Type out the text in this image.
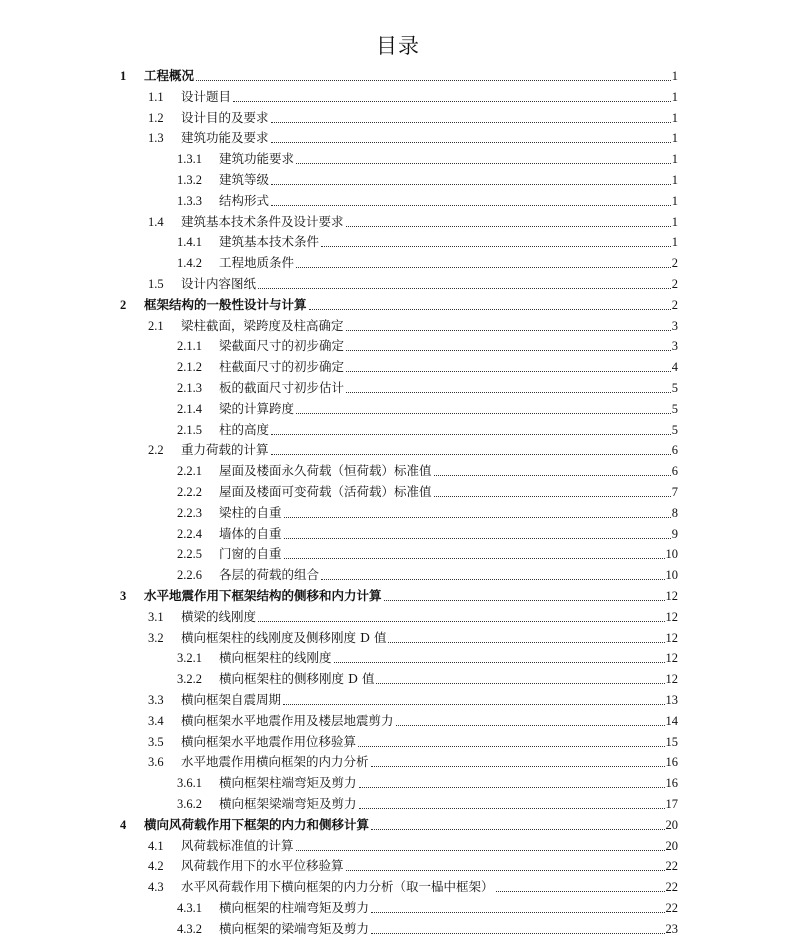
目录
1	工程概况	1
1.1	设计题目	1
1.2	设计目的及要求	1
1.3	建筑功能及要求	1
1.3.1	建筑功能要求	1
1.3.2	建筑等级	1
1.3.3	结构形式	1
1.4	建筑基本技术条件及设计要求	1
1.4.1	建筑基本技术条件	1
1.4.2	工程地质条件	2
1.5	设计内容图纸	2
2	框架结构的一般性设计与计算	2
2.1	梁柱截面，梁跨度及柱高确定	3
2.1.1	梁截面尺寸的初步确定	3
2.1.2	柱截面尺寸的初步确定	4
2.1.3	板的截面尺寸初步估计	5
2.1.4	梁的计算跨度	5
2.1.5	柱的高度	5
2.2	重力荷载的计算	6
2.2.1	屋面及楼面永久荷载（恒荷载）标准值	6
2.2.2	屋面及楼面可变荷载（活荷载）标准值	7
2.2.3	梁柱的自重	8
2.2.4	墙体的自重	9
2.2.5	门窗的自重	10
2.2.6	各层的荷载的组合	10
3	水平地震作用下框架结构的侧移和内力计算	12
3.1	横梁的线刚度	12
3.2	横向框架柱的线刚度及侧移刚度 D 值	12
3.2.1	横向框架柱的线刚度	12
3.2.2	横向框架柱的侧移刚度 D 值	12
3.3	横向框架自震周期	13
3.4	横向框架水平地震作用及楼层地震剪力	14
3.5	横向框架水平地震作用位移验算	15
3.6	水平地震作用横向框架的内力分析	16
3.6.1	横向框架柱端弯矩及剪力	16
3.6.2	横向框架梁端弯矩及剪力	17
4	横向风荷载作用下框架的内力和侧移计算	20
4.1	风荷载标准值的计算	20
4.2	风荷载作用下的水平位移验算	22
4.3	水平风荷载作用下横向框架的内力分析（取一榀中框架）	22
4.3.1	横向框架的柱端弯矩及剪力	22
4.3.2	横向框架的梁端弯矩及剪力	23
